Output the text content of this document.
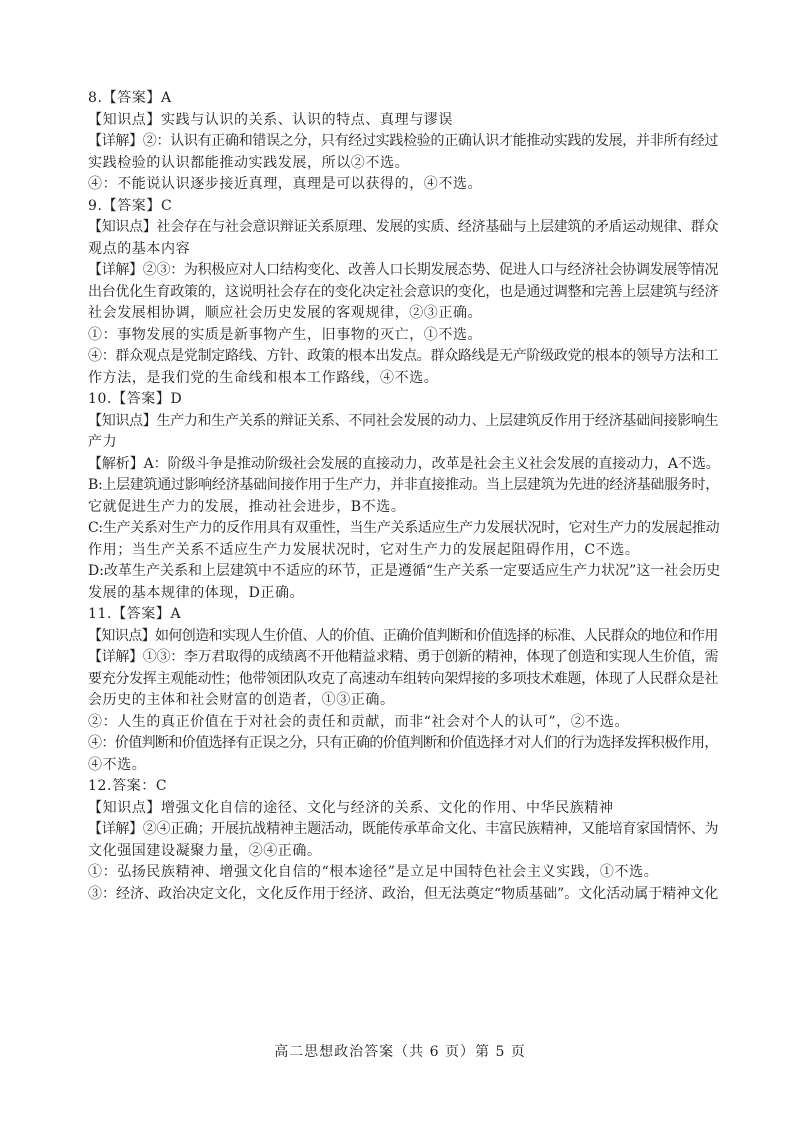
8.【答案】A
【知识点】实践与认识的关系、认识的特点、真理与谬误
【详解】②：认识有正确和错误之分，只有经过实践检验的正确认识才能推动实践的发展，并非所有经过
实践检验的认识都能推动实践发展，所以②不选。
④：不能说认识逐步接近真理，真理是可以获得的，④不选。
9.【答案】C
【知识点】社会存在与社会意识辩证关系原理、发展的实质、经济基础与上层建筑的矛盾运动规律、群众
观点的基本内容
【详解】②③：为积极应对人口结构变化、改善人口长期发展态势、促进人口与经济社会协调发展等情况
出台优化生育政策的，这说明社会存在的变化决定社会意识的变化，也是通过调整和完善上层建筑与经济
社会发展相协调，顺应社会历史发展的客观规律，②③正确。
①：事物发展的实质是新事物产生，旧事物的灭亡，①不选。
④：群众观点是党制定路线、方针、政策的根本出发点。群众路线是无产阶级政党的根本的领导方法和工
作方法，是我们党的生命线和根本工作路线，④不选。
10.【答案】D
【知识点】生产力和生产关系的辩证关系、不同社会发展的动力、上层建筑反作用于经济基础间接影响生
产力
【解析】A：阶级斗争是推动阶级社会发展的直接动力，改革是社会主义社会发展的直接动力，A不选。
B:上层建筑通过影响经济基础间接作用于生产力，并非直接推动。当上层建筑为先进的经济基础服务时，
它就促进生产力的发展，推动社会进步，B不选。
C:生产关系对生产力的反作用具有双重性，当生产关系适应生产力发展状况时，它对生产力的发展起推动
作用；当生产关系不适应生产力发展状况时，它对生产力的发展起阻碍作用，C不选。
D:改革生产关系和上层建筑中不适应的环节，正是遵循“生产关系一定要适应生产力状况”这一社会历史
发展的基本规律的体现，D正确。
11.【答案】A
【知识点】如何创造和实现人生价值、人的价值、正确价值判断和价值选择的标准、人民群众的地位和作用
【详解】①③：李万君取得的成绩离不开他精益求精、勇于创新的精神，体现了创造和实现人生价值，需
要充分发挥主观能动性；他带领团队攻克了高速动车组转向架焊接的多项技术难题，体现了人民群众是社
会历史的主体和社会财富的创造者，①③正确。
②：人生的真正价值在于对社会的责任和贡献，而非“社会对个人的认可”，②不选。
④：价值判断和价值选择有正误之分，只有正确的价值判断和价值选择才对人们的行为选择发挥积极作用，
④不选。
12.答案：C
【知识点】增强文化自信的途径、文化与经济的关系、文化的作用、中华民族精神
【详解】②④正确；开展抗战精神主题活动，既能传承革命文化、丰富民族精神，又能培育家国情怀、为
文化强国建设凝聚力量，②④正确。
①：弘扬民族精神、增强文化自信的“根本途径”是立足中国特色社会主义实践，①不选。
③：经济、政治决定文化，文化反作用于经济、政治，但无法奠定“物质基础”。文化活动属于精神文化
高二思想政治答案（共 6 页）第 5 页
